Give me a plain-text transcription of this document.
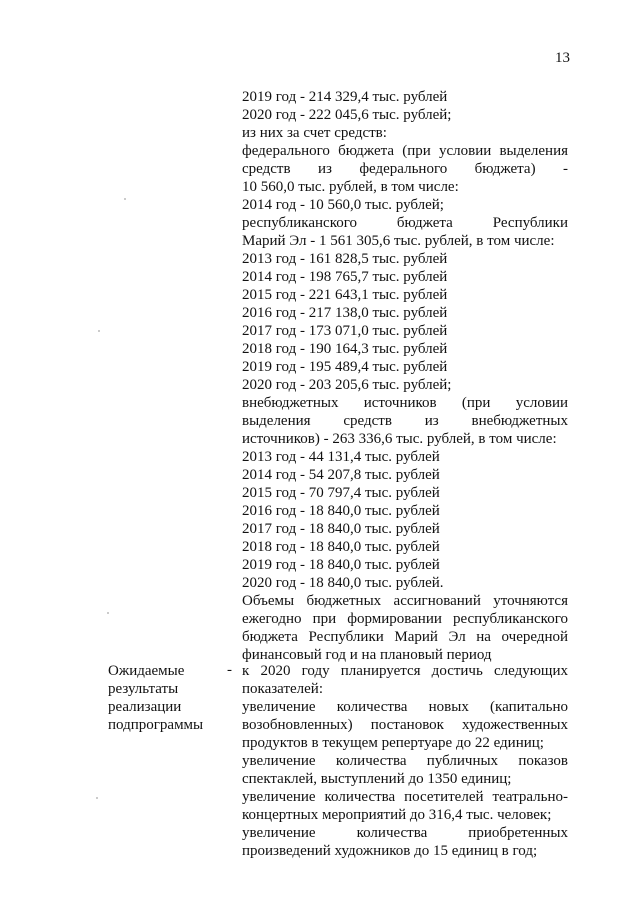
13
2019 год - 214 329,4 тыс. рублей
2020 год - 222 045,6 тыс. рублей;
из них за счет средств:
федерального бюджета (при условии выделения
средств из федерального бюджета) -
10 560,0 тыс. рублей, в том числе:
2014 год - 10 560,0 тыс. рублей;
республиканского бюджета Республики
Марий Эл - 1 561 305,6 тыс. рублей, в том числе:
2013 год - 161 828,5 тыс. рублей
2014 год - 198 765,7 тыс. рублей
2015 год - 221 643,1 тыс. рублей
2016 год - 217 138,0 тыс. рублей
2017 год - 173 071,0 тыс. рублей
2018 год - 190 164,3 тыс. рублей
2019 год - 195 489,4 тыс. рублей
2020 год - 203 205,6 тыс. рублей;
внебюджетных источников (при условии
выделения средств из внебюджетных
источников) - 263 336,6 тыс. рублей, в том числе:
2013 год - 44 131,4 тыс. рублей
2014 год - 54 207,8 тыс. рублей
2015 год - 70 797,4 тыс. рублей
2016 год - 18 840,0 тыс. рублей
2017 год - 18 840,0 тыс. рублей
2018 год - 18 840,0 тыс. рублей
2019 год - 18 840,0 тыс. рублей
2020 год - 18 840,0 тыс. рублей.
Объемы бюджетных ассигнований уточняются
ежегодно при формировании республиканского
бюджета Республики Марий Эл на очередной
финансовый год и на плановый период
Ожидаемые
результаты
реализации
подпрограммы
- к 2020 году планируется достичь следующих
показателей:
увеличение количества новых (капитально
возобновленных) постановок художественных
продуктов в текущем репертуаре до 22 единиц;
увеличение количества публичных показов
спектаклей, выступлений до 1350 единиц;
увеличение количества посетителей театрально-
концертных мероприятий до 316,4 тыс. человек;
увеличение количества приобретенных
произведений художников до 15 единиц в год;
